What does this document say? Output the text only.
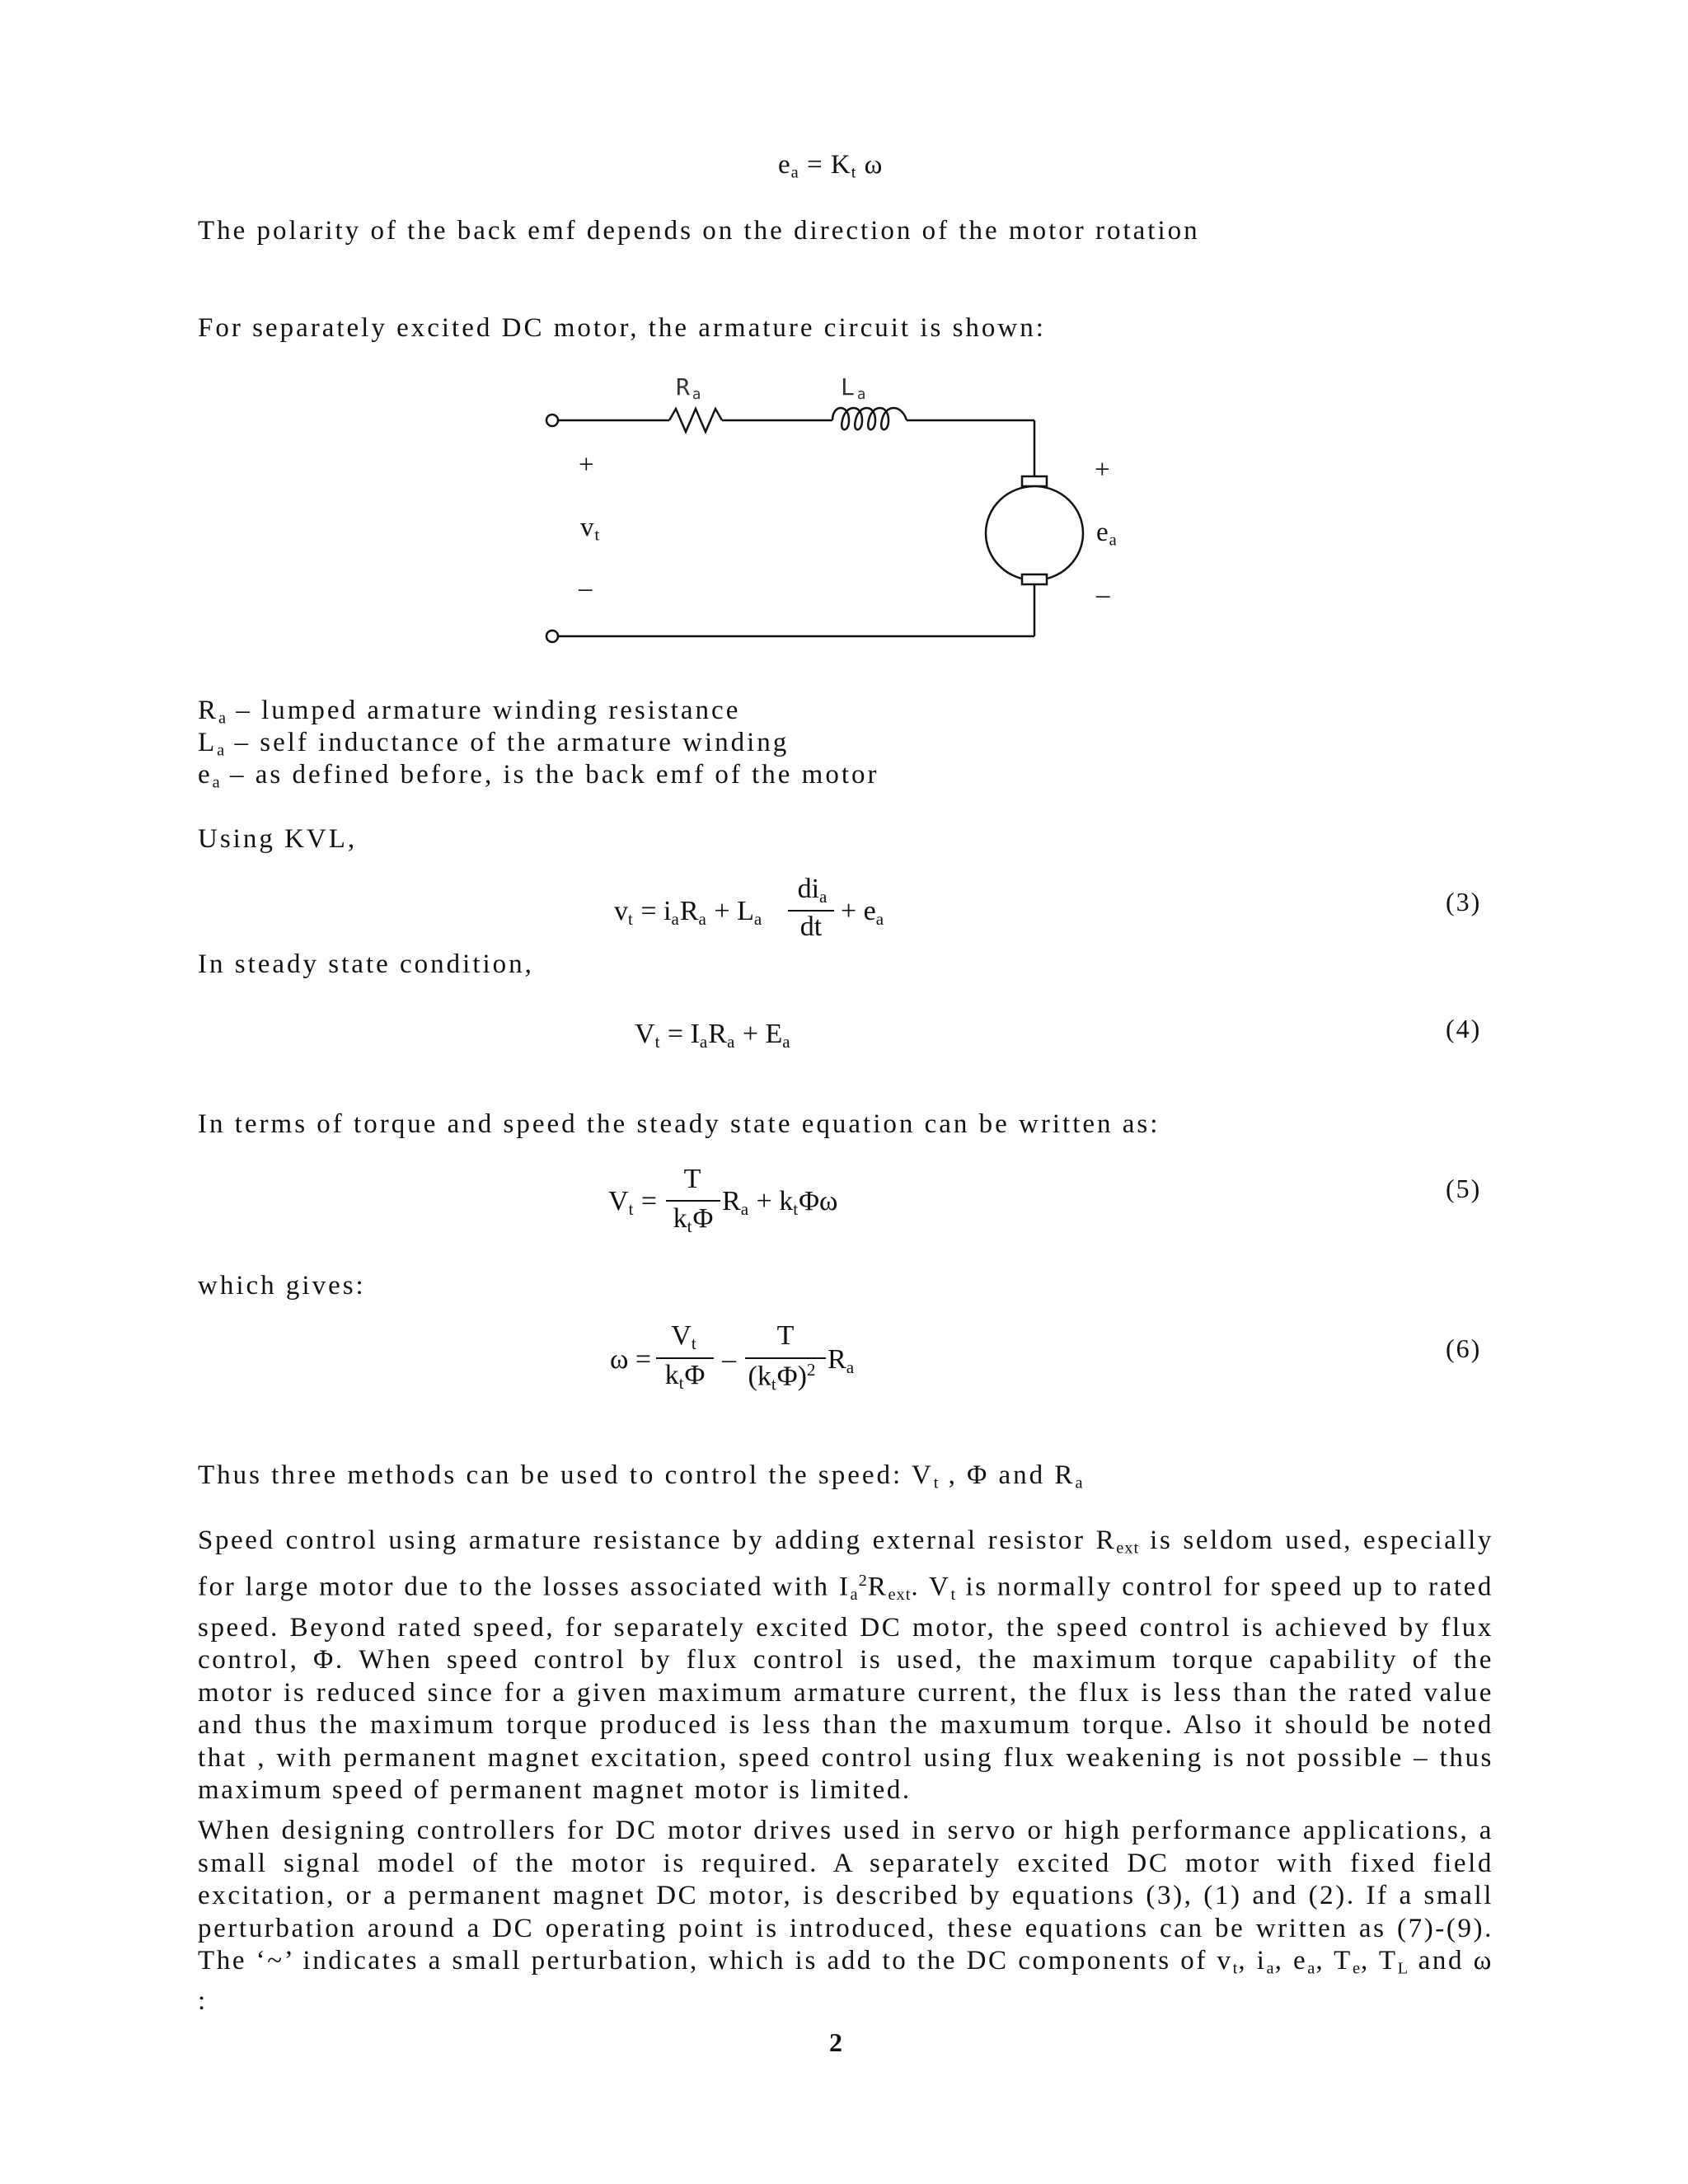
$e_a = K_t$ ω
The polarity of the back emf depends on the direction of the motor rotation
For separately excited DC motor, the armature circuit is shown:
$R_a$	$L_a$
+
$v_t$
–
+
$e_a$
–
$R_a$ – lumped armature winding resistance
$L_a$ – self inductance of the armature winding
$e_a$ – as defined before, is the back emf of the motor
Using KVL,
$v_t = i_aR_a + L_a$
$di_a$
dt
+ $e_a$
(3)
In steady state condition,
$V_t = I_aR_a + E_a$	(4)
In terms of torque and speed the steady state equation can be written as:
$V_t$ =
T
$k_t\Phi$
$R_a + k_t\Phi\omega$	(5)
which gives:
ω =
$V_t$
$k_t\Phi$
–
T
$(k_t\Phi)^2$ $R_a$
(6)
Thus three methods can be used to control the speed: $V_t$ , Φ and $R_a$
Speed control using armature resistance by adding external resistor $R_{ext}$ is seldom used, especially for large motor due to the losses associated with $I_a^2R_{ext}$. $V_t$ is normally control for speed up to rated speed. Beyond rated speed, for separately excited DC motor, the speed control is achieved by flux control, Φ. When speed control by flux control is used, the maximum torque capability of the motor is reduced since for a given maximum armature current, the flux is less than the rated value and thus the maximum torque produced is less than the maxumum torque. Also it should be noted that , with permanent magnet excitation, speed control using flux weakening is not possible – thus maximum speed of permanent magnet motor is limited.
When designing controllers for DC motor drives used in servo or high performance applications, a small signal model of the motor is required. A separately excited DC motor with fixed field excitation, or a permanent magnet DC motor, is described by equations (3), (1) and (2). If a small perturbation around a DC operating point is introduced, these equations can be written as (7)-(9). The ‘~’ indicates a small perturbation, which is add to the DC components of $v_t$, $i_a$, $e_a$, $T_e$, $T_L$ and ω :
2
